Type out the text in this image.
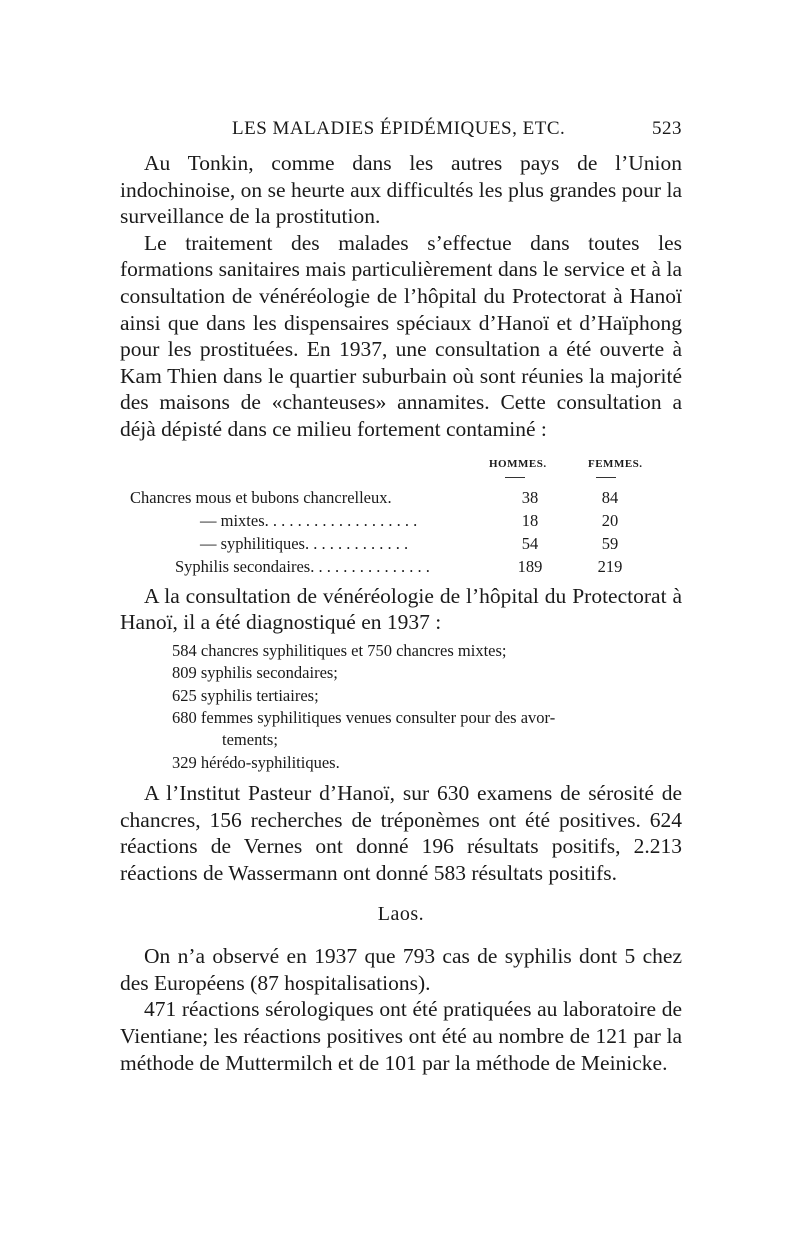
LES MALADIES ÉPIDÉMIQUES, ETC.	523

Au Tonkin, comme dans les autres pays de l’Union indochinoise, on se heurte aux difficultés les plus grandes pour la surveillance de la prostitution.

Le traitement des malades s’effectue dans toutes les formations sanitaires mais particulièrement dans le service et à la consultation de vénéréologie de l’hôpital du Protectorat à Hanoï ainsi que dans les dispensaires spéciaux d’Hanoï et d’Haïphong pour les prostituées. En 1937, une consultation a été ouverte à Kam Thien dans le quartier suburbain où sont réunies la majorité des maisons de «chanteuses» annamites. Cette consultation a déjà dépisté dans ce milieu fortement contaminé :

HOMMES.	FEMMES.
Chancres mous et bubons chancrelleux.	38	84
— mixtes. . . . . . . . . . . . . . . . . . .	18	20
— syphilitiques. . . . . . . . . . . . .	54	59
Syphilis secondaires. . . . . . . . . . . . . . .	189	219

A la consultation de vénéréologie de l’hôpital du Protectorat à Hanoï, il a été diagnostiqué en 1937 :

584 chancres syphilitiques et 750 chancres mixtes;
809 syphilis secondaires;
625 syphilis tertiaires;
680 femmes syphilitiques venues consulter pour des avor-
tements;
329 hérédo-syphilitiques.

A l’Institut Pasteur d’Hanoï, sur 630 examens de sérosité de chancres, 156 recherches de tréponèmes ont été positives. 624 réactions de Vernes ont donné 196 résultats positifs, 2.213 réactions de Wassermann ont donné 583 résultats positifs.

Laos.

On n’a observé en 1937 que 793 cas de syphilis dont 5 chez des Européens (87 hospitalisations).

471 réactions sérologiques ont été pratiquées au laboratoire de Vientiane; les réactions positives ont été au nombre de 121 par la méthode de Muttermilch et de 101 par la méthode de Meinicke.
